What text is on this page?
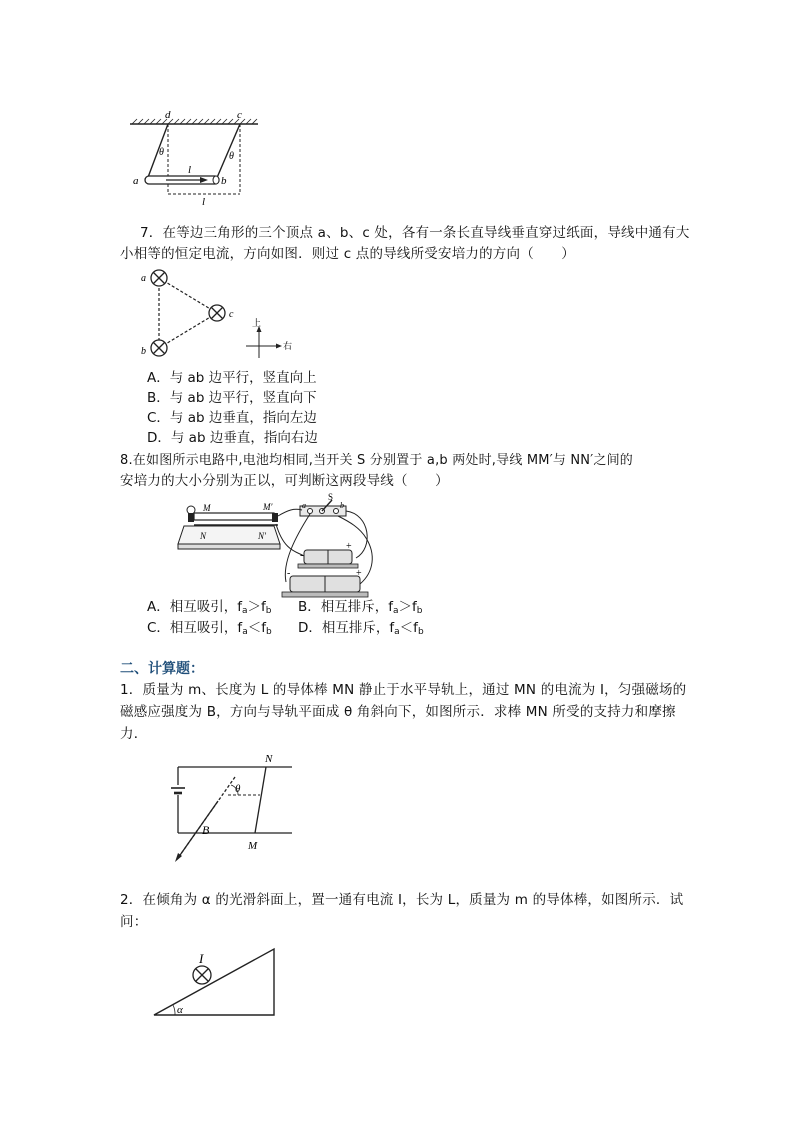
d	c
a	b
θ	θ
l
l
7．在等边三角形的三个顶点 a、b、c 处，各有一条长直导线垂直穿过纸面，导线中通有大
小相等的恒定电流，方向如图．则过 c 点的导线所受安培力的方向（　　）
a
b
c
上
右
A．与 ab 边平行，竖直向上
B．与 ab 边平行，竖直向下
C．与 ab 边垂直，指向左边
D．与 ab 边垂直，指向右边
8.在如图所示电路中,电池均相同,当开关 S 分别置于 a,b 两处时,导线 MM′与 NN′之间的
安培力的大小分别为正以，可判断这两段导线（　　）
M	M′
N	N′
S
a	b
+
-
+
-
A．相互吸引，$f_a>f_b$ B．相互排斥，$f_a>f_b$
C．相互吸引，$f_a<f_b$ D．相互排斥，$f_a<f_b$
二、计算题：
1．质量为 m、长度为 L 的导体棒 MN 静止于水平导轨上，通过 MN 的电流为 I，匀强磁场的
磁感应强度为 B，方向与导轨平面成 θ 角斜向下，如图所示．求棒 MN 所受的支持力和摩擦
力．
N
M
B
θ
2．在倾角为 α 的光滑斜面上，置一通有电流 I，长为 L，质量为 m 的导体棒，如图所示．试
问：
I
α
